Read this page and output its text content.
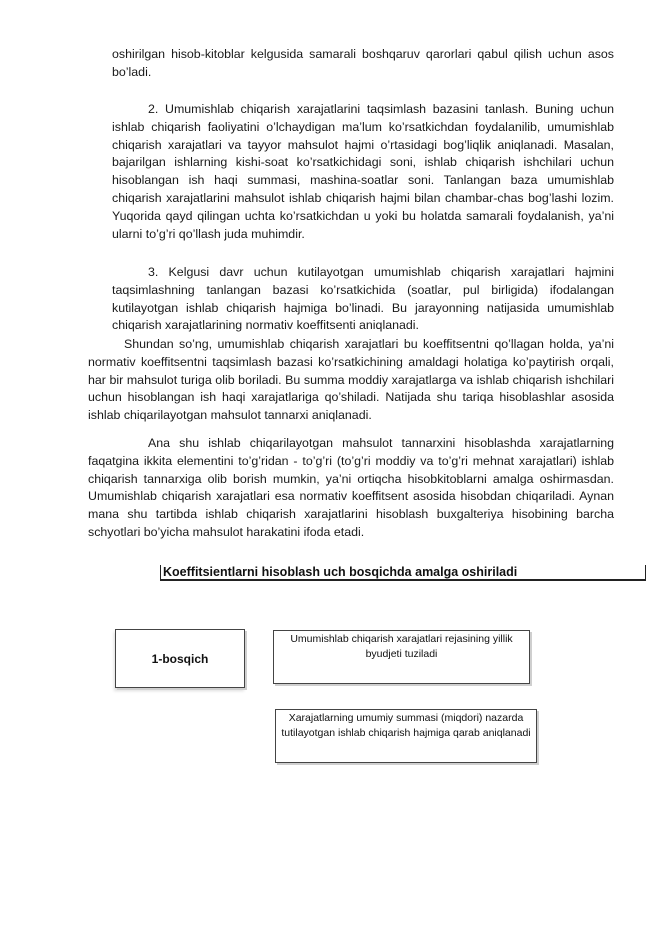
oshirilgan hisob-kitoblar kelgusida samarali boshqaruv qarorlari qabul qilish uchun asos bo’ladi.

2. Umumishlab chiqarish xarajatlarini taqsimlash bazasini tanlash. Buning uchun ishlab chiqarish faoliyatini o’lchaydigan ma’lum ko’rsatkichdan foydalanilib, umumishlab chiqarish xarajatlari va tayyor mahsulot hajmi o’rtasidagi bog’liqlik aniqlanadi. Masalan, bajarilgan ishlarning kishi-soat ko’rsatkichidagi soni, ishlab chiqarish ishchilari uchun hisoblangan ish haqi summasi, mashina-soatlar soni. Tanlangan baza umumishlab chiqarish xarajatlarini mahsulot ishlab chiqarish hajmi bilan chambar-chas bog’lashi lozim. Yuqorida qayd qilingan uchta ko’rsatkichdan u yoki bu holatda samarali foydalanish, ya’ni ularni to’g’ri qo’llash juda muhimdir.

3. Kelgusi davr uchun kutilayotgan umumishlab chiqarish xarajatlari hajmini taqsimlashning tanlangan bazasi ko’rsatkichida (soatlar, pul birligida) ifodalangan kutilayotgan ishlab chiqarish hajmiga bo’linadi. Bu jarayonning natijasida umumishlab chiqarish xarajatlarining normativ koeffitsenti aniqlanadi.

Shundan so’ng, umumishlab chiqarish xarajatlari bu koeffitsentni qo’llagan holda, ya’ni normativ koeffitsentni taqsimlash bazasi ko’rsatkichining amaldagi holatiga ko’paytirish orqali, har bir mahsulot turiga olib boriladi. Bu summa moddiy xarajatlarga va ishlab chiqarish ishchilari uchun hisoblangan ish haqi xarajatlariga qo’shiladi. Natijada shu tariqa hisoblashlar asosida ishlab chiqarilayotgan mahsulot tannarxi aniqlanadi.

Ana shu ishlab chiqarilayotgan mahsulot tannarxini hisoblashda xarajatlarning faqatgina ikkita elementini to’g’ridan - to’g’ri (to’g’ri moddiy va to’g’ri mehnat xarajatlari) ishlab chiqarish tannarxiga olib borish mumkin, ya’ni ortiqcha hisobkitoblarni amalga oshirmasdan. Umumishlab chiqarish xarajatlari esa normativ koeffitsent asosida hisobdan chiqariladi. Aynan mana shu tartibda ishlab chiqarish xarajatlarini hisoblash buxgalteriya hisobining barcha schyotlari bo’yicha mahsulot harakatini ifoda etadi.

Koeffitsientlarni hisoblash uch bosqichda amalga oshiriladi
1-bosqich
Umumishlab chiqarish xarajatlari rejasining yillik byudjeti tuziladi
Xarajatlarning umumiy summasi (miqdori) nazarda tutilayotgan ishlab chiqarish hajmiga qarab aniqlanadi
